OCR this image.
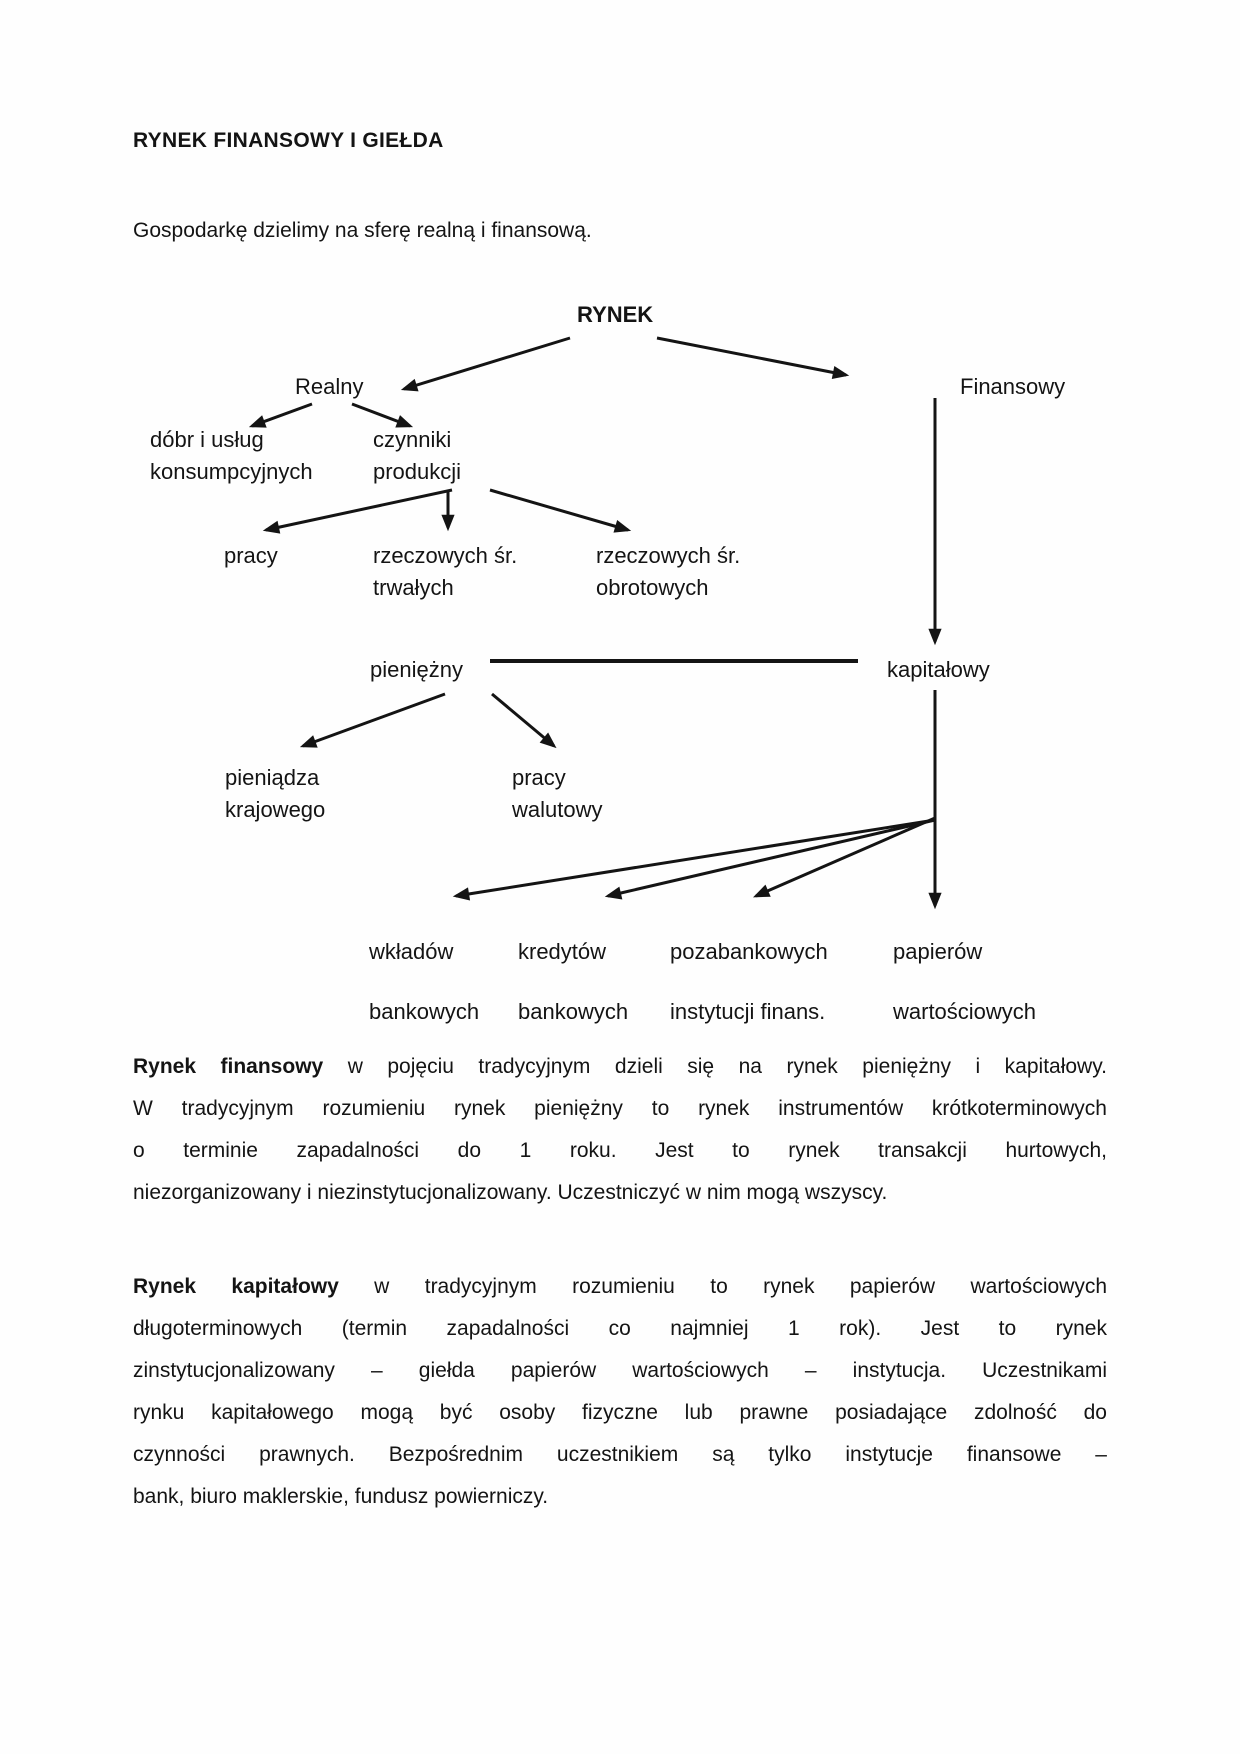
RYNEK FINANSOWY I GIEŁDA
Gospodarkę dzielimy na sferę realną i finansową.
RYNEK
Realny	Finansowy
dóbr i usług
konsumpcyjnych
czynniki
produkcji
pracy	rzeczowych śr.
trwałych
rzeczowych śr.
obrotowych
pieniężny	kapitałowy
pieniądza
krajowego
pracy
walutowy
wkładów
bankowych
kredytów
bankowych
pozabankowych
instytucji finans.
papierów
wartościowych
Rynek finansowy w pojęciu tradycyjnym dzieli się na rynek pieniężny i kapitałowy.
W tradycyjnym rozumieniu rynek pieniężny to rynek instrumentów krótkoterminowych
o terminie zapadalności do 1 roku. Jest to rynek transakcji hurtowych,
niezorganizowany i niezinstytucjonalizowany. Uczestniczyć w nim mogą wszyscy.
Rynek kapitałowy w tradycyjnym rozumieniu to rynek papierów wartościowych
długoterminowych (termin zapadalności co najmniej 1 rok). Jest to rynek
zinstytucjonalizowany – giełda papierów wartościowych – instytucja. Uczestnikami
rynku kapitałowego mogą być osoby fizyczne lub prawne posiadające zdolność do
czynności prawnych. Bezpośrednim uczestnikiem są tylko instytucje finansowe –
bank, biuro maklerskie, fundusz powierniczy.
